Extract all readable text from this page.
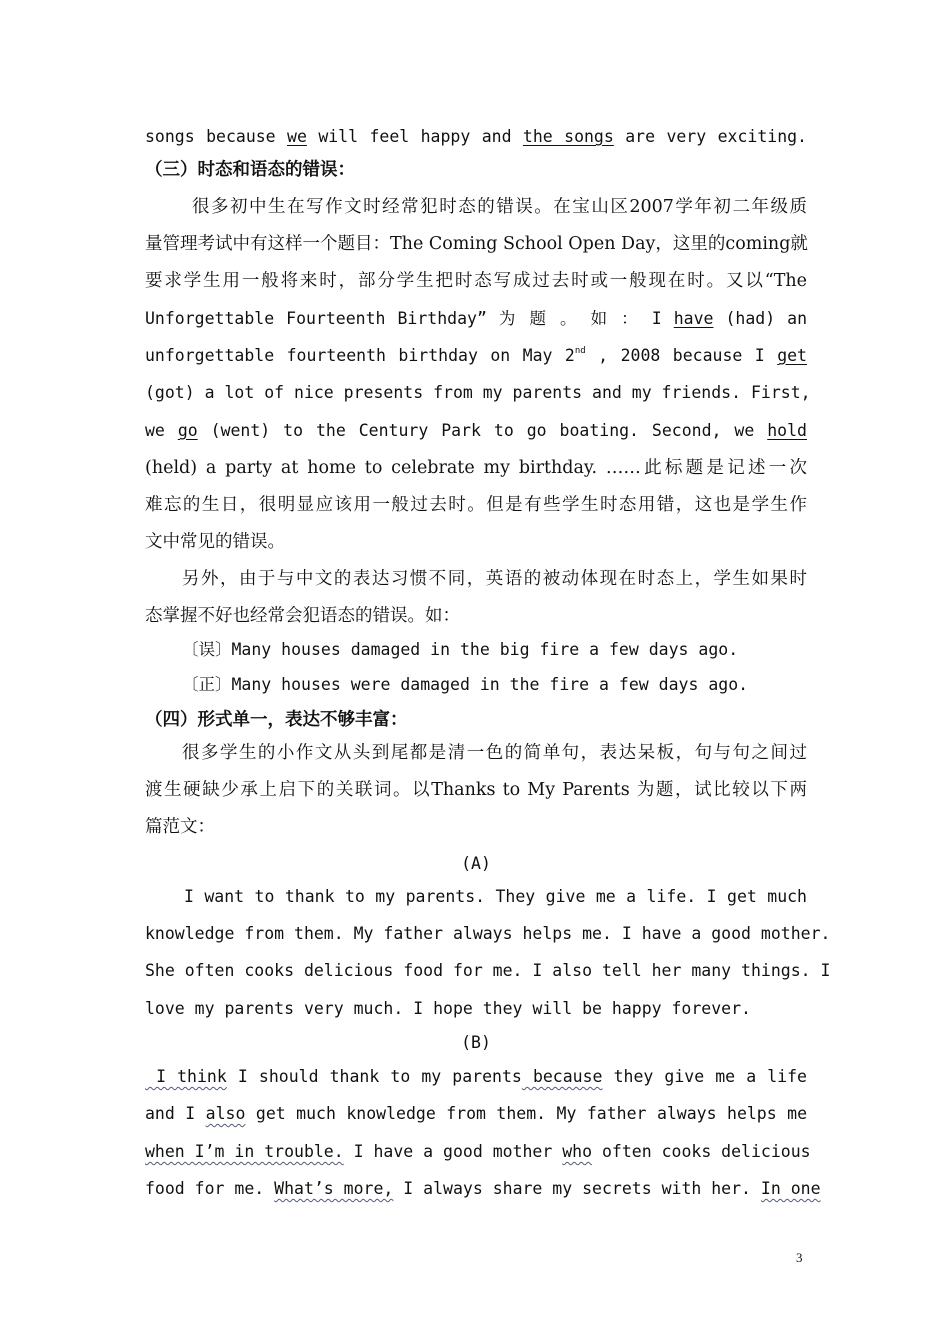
songs because we will feel happy and the songs are very exciting.
（三）时态和语态的错误：
很多初中生在写作文时经常犯时态的错误。在宝山区2007学年初二年级质
量管理考试中有这样一个题目：The Coming School Open Day，这里的coming就
要求学生用一般将来时，部分学生把时态写成过去时或一般现在时。又以“The
Unforgettable Fourteenth Birthday” 为 题 。 如 ： I have (had) an
unforgettable fourteenth birthday on May 2nd , 2008 because I get
(got) a lot of nice presents from my parents and my friends. First,
we go (went) to the Century Park to go boating. Second, we hold
(held) a party at home to celebrate my birthday. ……此标题是记述一次
难忘的生日，很明显应该用一般过去时。但是有些学生时态用错，这也是学生作
文中常见的错误。
另外，由于与中文的表达习惯不同，英语的被动体现在时态上，学生如果时
态掌握不好也经常会犯语态的错误。如：
〔误〕Many houses damaged in the big fire a few days ago.
〔正〕Many houses were damaged in the fire a few days ago.
（四）形式单一，表达不够丰富：
很多学生的小作文从头到尾都是清一色的简单句，表达呆板，句与句之间过
渡生硬缺少承上启下的关联词。以Thanks to My Parents 为题，试比较以下两
篇范文：
(A)
I want to thank to my parents. They give me a life. I get much
knowledge from them. My father always helps me. I have a good mother.
She often cooks delicious food for me. I also tell her many things. I
love my parents very much. I hope they will be happy forever.
(B)
I think I should thank to my parents because they give me a life
and I also get much knowledge from them. My father always helps me
when I’m in trouble. I have a good mother who often cooks delicious
food for me. What’s more, I always share my secrets with her. In one
3
